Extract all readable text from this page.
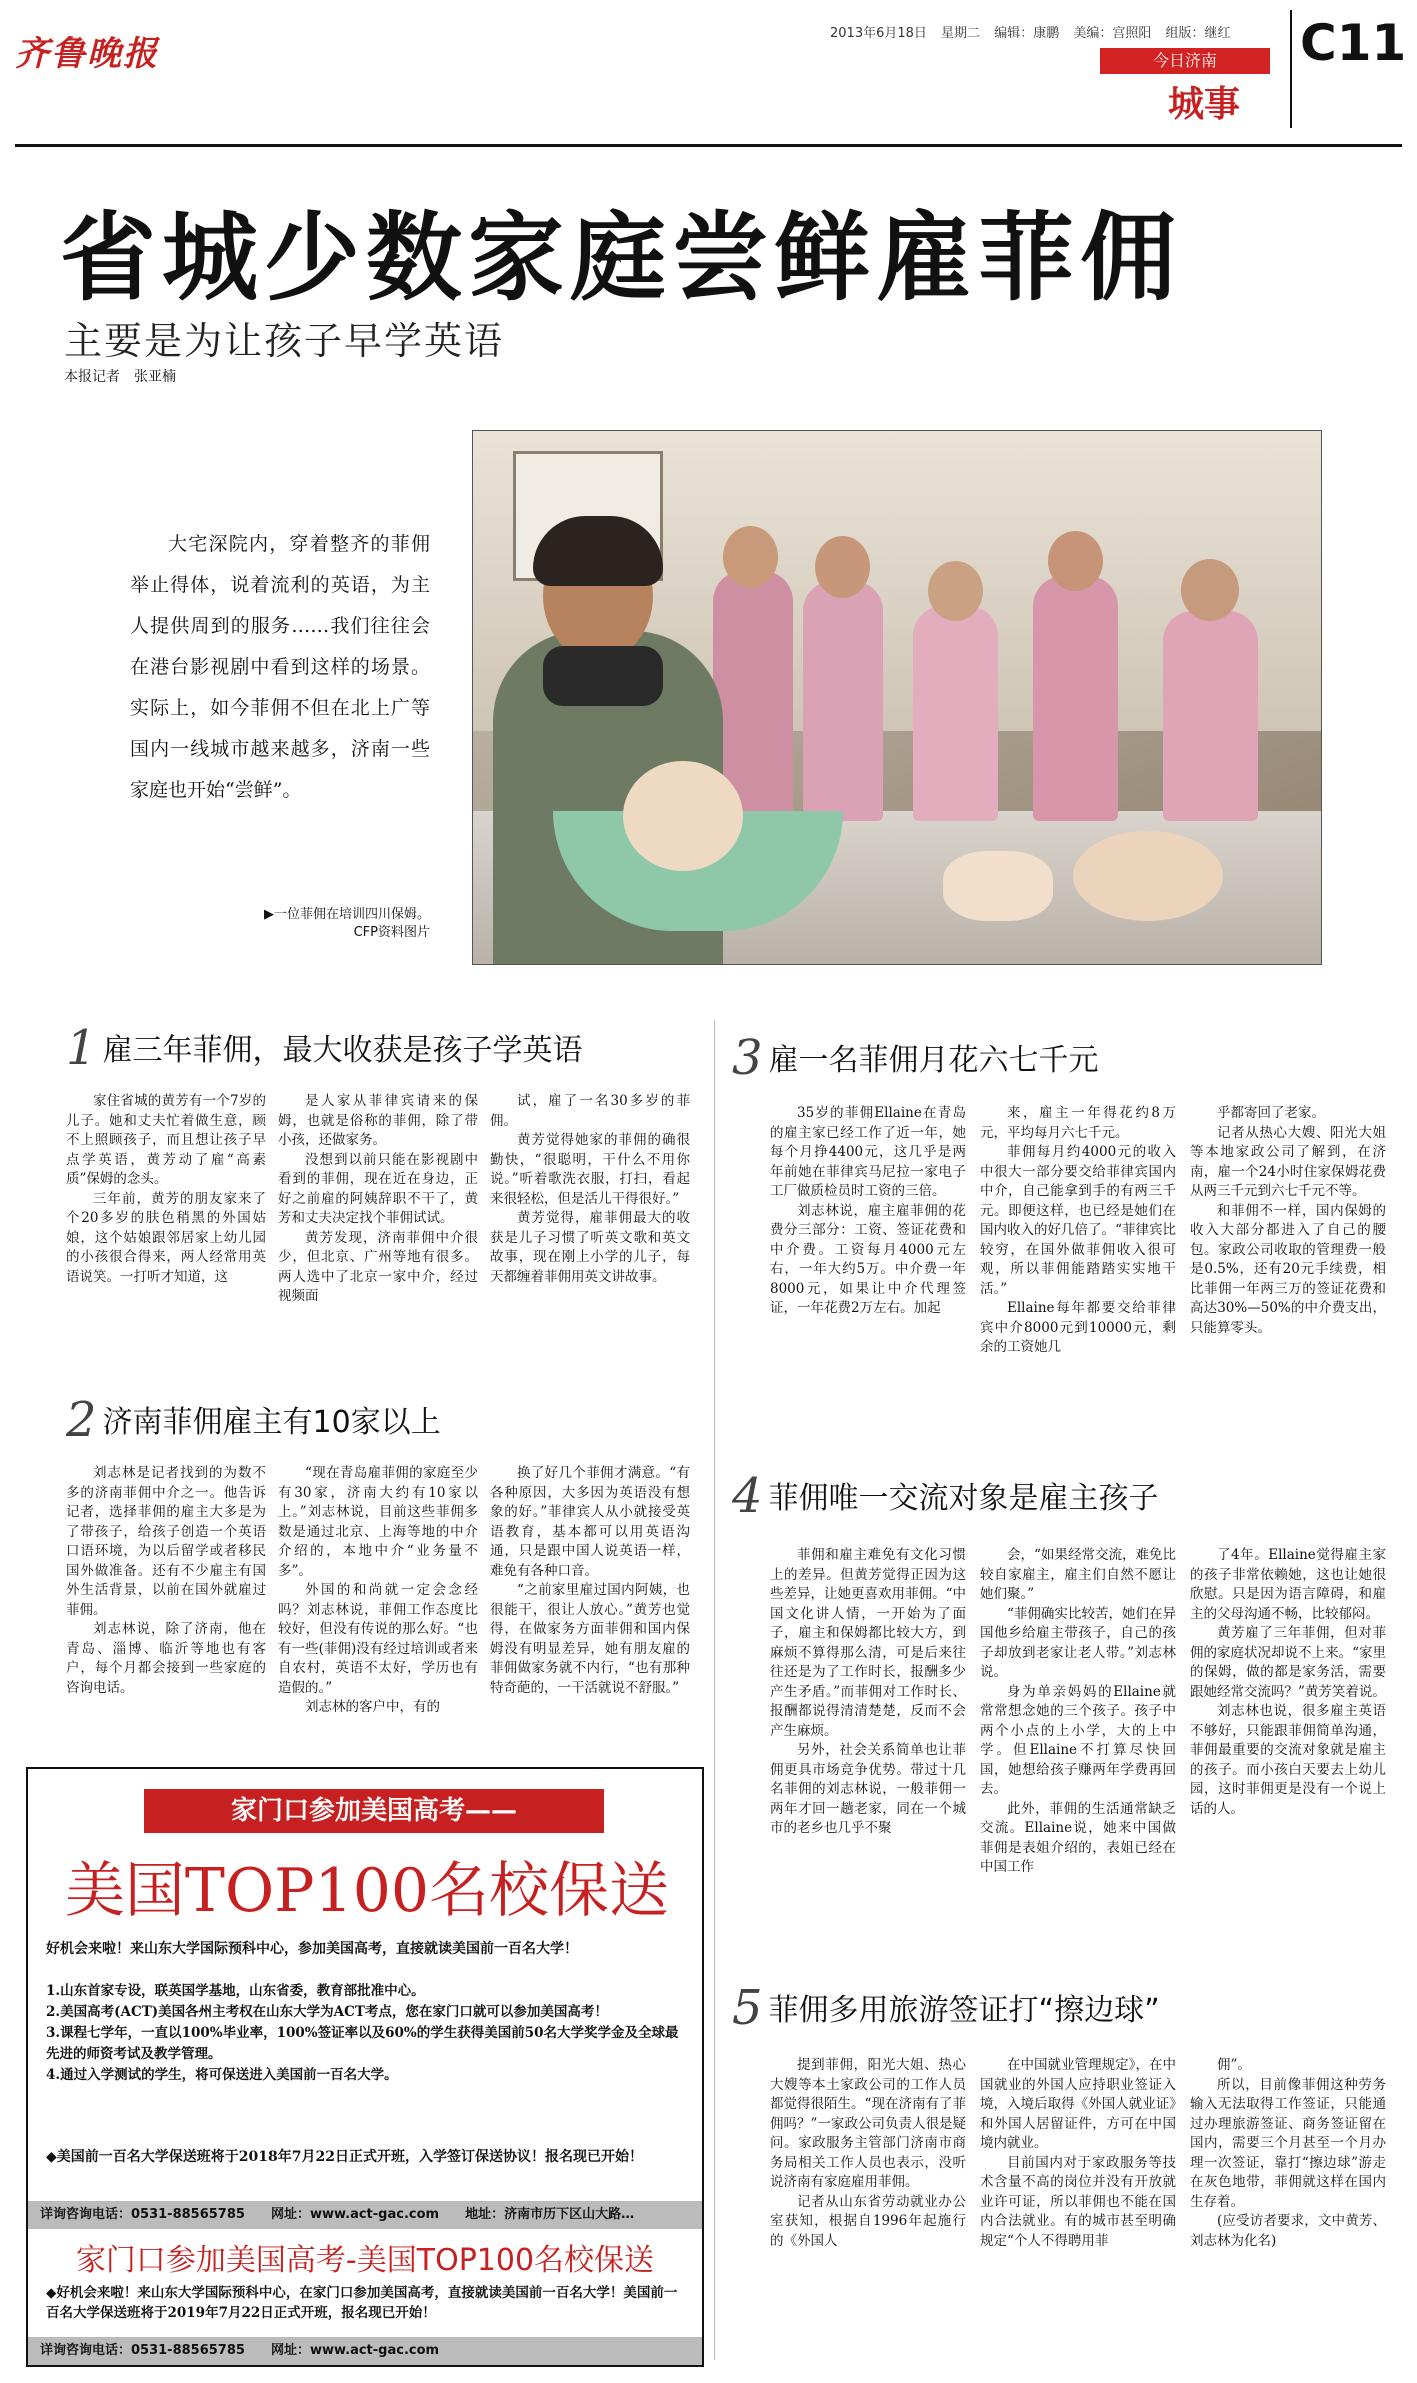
齐鲁晚报
2013年6月18日 星期二 编辑：康鹏 美编：宫照阳 组版：继红
今日济南
城事
C11
省城少数家庭尝鲜雇菲佣
主要是为让孩子早学英语
本报记者　张亚楠
大宅深院内，穿着整齐的菲佣举止得体，说着流利的英语，为主人提供周到的服务……我们往往会在港台影视剧中看到这样的场景。实际上，如今菲佣不但在北上广等国内一线城市越来越多，济南一些家庭也开始“尝鲜”。
▶一位菲佣在培训四川保姆。
CFP资料图片
1 雇三年菲佣，最大收获是孩子学英语

家住省城的黄芳有一个7岁的儿子。她和丈夫忙着做生意，顾不上照顾孩子，而且想让孩子早点学英语，黄芳动了雇“高素质”保姆的念头。

三年前，黄芳的朋友家来了个20多岁的肤色稍黑的外国姑娘，这个姑娘跟邻居家上幼儿园的小孩很合得来，两人经常用英语说笑。一打听才知道，这

是人家从菲律宾请来的保姆，也就是俗称的菲佣，除了带小孩，还做家务。

没想到以前只能在影视剧中看到的菲佣，现在近在身边，正好之前雇的阿姨辞职不干了，黄芳和丈夫决定找个菲佣试试。

黄芳发现，济南菲佣中介很少，但北京、广州等地有很多。两人选中了北京一家中介，经过视频面

试，雇了一名30多岁的菲佣。

黄芳觉得她家的菲佣的确很勤快，“很聪明，干什么不用你说。”听着歌洗衣服，打扫，看起来很轻松，但是活儿干得很好。”

黄芳觉得，雇菲佣最大的收获是儿子习惯了听英文歌和英文故事，现在刚上小学的儿子，每天都缠着菲佣用英文讲故事。

2 济南菲佣雇主有10家以上

刘志林是记者找到的为数不多的济南菲佣中介之一。他告诉记者，选择菲佣的雇主大多是为了带孩子，给孩子创造一个英语口语环境，为以后留学或者移民国外做准备。还有不少雇主有国外生活背景，以前在国外就雇过菲佣。

刘志林说，除了济南，他在青岛、淄博、临沂等地也有客户，每个月都会接到一些家庭的咨询电话。

“现在青岛雇菲佣的家庭至少有30家，济南大约有10家以上。”刘志林说，目前这些菲佣多数是通过北京、上海等地的中介介绍的，本地中介“业务量不多”。

外国的和尚就一定会念经吗？刘志林说，菲佣工作态度比较好，但没有传说的那么好。“也有一些(菲佣)没有经过培训或者来自农村，英语不太好，学历也有造假的。”

刘志林的客户中，有的

换了好几个菲佣才满意。“有各种原因，大多因为英语没有想象的好。”菲律宾人从小就接受英语教育，基本都可以用英语沟通，只是跟中国人说英语一样，难免有各种口音。

“之前家里雇过国内阿姨，也很能干，很让人放心。”黄芳也觉得，在做家务方面菲佣和国内保姆没有明显差异，她有朋友雇的菲佣做家务就不内行，“也有那种特奇葩的，一干活就说不舒服。”

3 雇一名菲佣月花六七千元

35岁的菲佣Ellaine在青岛的雇主家已经工作了近一年，她每个月挣4400元，这几乎是两年前她在菲律宾马尼拉一家电子工厂做质检员时工资的三倍。

刘志林说，雇主雇菲佣的花费分三部分：工资、签证花费和中介费。工资每月4000元左右，一年大约5万。中介费一年8000元，如果让中介代理签证，一年花费2万左右。加起

来，雇主一年得花约8万元，平均每月六七千元。

菲佣每月约4000元的收入中很大一部分要交给菲律宾国内中介，自己能拿到手的有两三千元。即便这样，也已经是她们在国内收入的好几倍了。“菲律宾比较穷，在国外做菲佣收入很可观，所以菲佣能踏踏实实地干活。”

Ellaine每年都要交给菲律宾中介8000元到10000元，剩余的工资她几

乎都寄回了老家。

记者从热心大嫂、阳光大姐等本地家政公司了解到，在济南，雇一个24小时住家保姆花费从两三千元到六七千元不等。

和菲佣不一样，国内保姆的收入大部分都进入了自己的腰包。家政公司收取的管理费一般是0.5%，还有20元手续费，相比菲佣一年两三万的签证花费和高达30%—50%的中介费支出，只能算零头。

4 菲佣唯一交流对象是雇主孩子

菲佣和雇主难免有文化习惯上的差异。但黄芳觉得正因为这些差异，让她更喜欢用菲佣。“中国文化讲人情，一开始为了面子，雇主和保姆都比较大方，到麻烦不算得那么清，可是后来往往还是为了工作时长，报酬多少产生矛盾。”而菲佣对工作时长、报酬都说得清清楚楚，反而不会产生麻烦。

另外，社会关系简单也让菲佣更具市场竞争优势。带过十几名菲佣的刘志林说，一般菲佣一两年才回一趟老家，同在一个城市的老乡也几乎不聚

会，“如果经常交流，难免比较自家雇主，雇主们自然不愿让她们聚。”

“菲佣确实比较苦，她们在异国他乡给雇主带孩子，自己的孩子却放到老家让老人带。”刘志林说。

身为单亲妈妈的Ellaine就常常想念她的三个孩子。孩子中两个小点的上小学，大的上中学。但Ellaine不打算尽快回国，她想给孩子赚两年学费再回去。

此外，菲佣的生活通常缺乏交流。Ellaine说，她来中国做菲佣是表姐介绍的，表姐已经在中国工作

了4年。Ellaine觉得雇主家的孩子非常依赖她，这也让她很欣慰。只是因为语言障碍，和雇主的父母沟通不畅，比较郁闷。

黄芳雇了三年菲佣，但对菲佣的家庭状况却说不上来。“家里的保姆，做的都是家务活，需要跟她经常交流吗？”黄芳笑着说。

刘志林也说，很多雇主英语不够好，只能跟菲佣简单沟通，菲佣最重要的交流对象就是雇主的孩子。而小孩白天要去上幼儿园，这时菲佣更是没有一个说上话的人。

5 菲佣多用旅游签证打“擦边球”

提到菲佣，阳光大姐、热心大嫂等本土家政公司的工作人员都觉得很陌生。“现在济南有了菲佣吗？”一家政公司负责人很是疑问。家政服务主管部门济南市商务局相关工作人员也表示，没听说济南有家庭雇用菲佣。

记者从山东省劳动就业办公室获知，根据自1996年起施行的《外国人

在中国就业管理规定》，在中国就业的外国人应持职业签证入境，入境后取得《外国人就业证》和外国人居留证件，方可在中国境内就业。

目前国内对于家政服务等技术含量不高的岗位并没有开放就业许可证，所以菲佣也不能在国内合法就业。有的城市甚至明确规定“个人不得聘用菲

佣”。

所以，目前像菲佣这种劳务输入无法取得工作签证，只能通过办理旅游签证、商务签证留在国内，需要三个月甚至一个月办理一次签证，靠打“擦边球”游走在灰色地带，菲佣就这样在国内生存着。

(应受访者要求，文中黄芳、刘志林为化名)

家门口参加美国高考——
美国TOP100名校保送
好机会来啦！来山东大学国际预科中心，参加美国高考，直接就读美国前一百名大学！
1.山东首家专设，联英国学基地，山东省委，教育部批准中心。
2.美国高考(ACT)美国各州主考权在山东大学为ACT考点，您在家门口就可以参加美国高考！
3.课程七学年，一直以100%毕业率，100%签证率以及60%的学生获得美国前50名大学奖学金及全球最先进的师资考试及教学管理。
4.通过入学测试的学生，将可保送进入美国前一百名大学。
◆美国前一百名大学保送班将于2018年7月22日正式开班，入学签订保送协议！报名现已开始！
详询咨询电话：0531-88565785　　网址：www.act-gac.com　　地址：济南市历下区山大路…
家门口参加美国高考-美国TOP100名校保送
◆好机会来啦！来山东大学国际预科中心，在家门口参加美国高考，直接就读美国前一百名大学！美国前一百名大学保送班将于2019年7月22日正式开班，报名现已开始！
详询咨询电话：0531-88565785　　网址：www.act-gac.com
